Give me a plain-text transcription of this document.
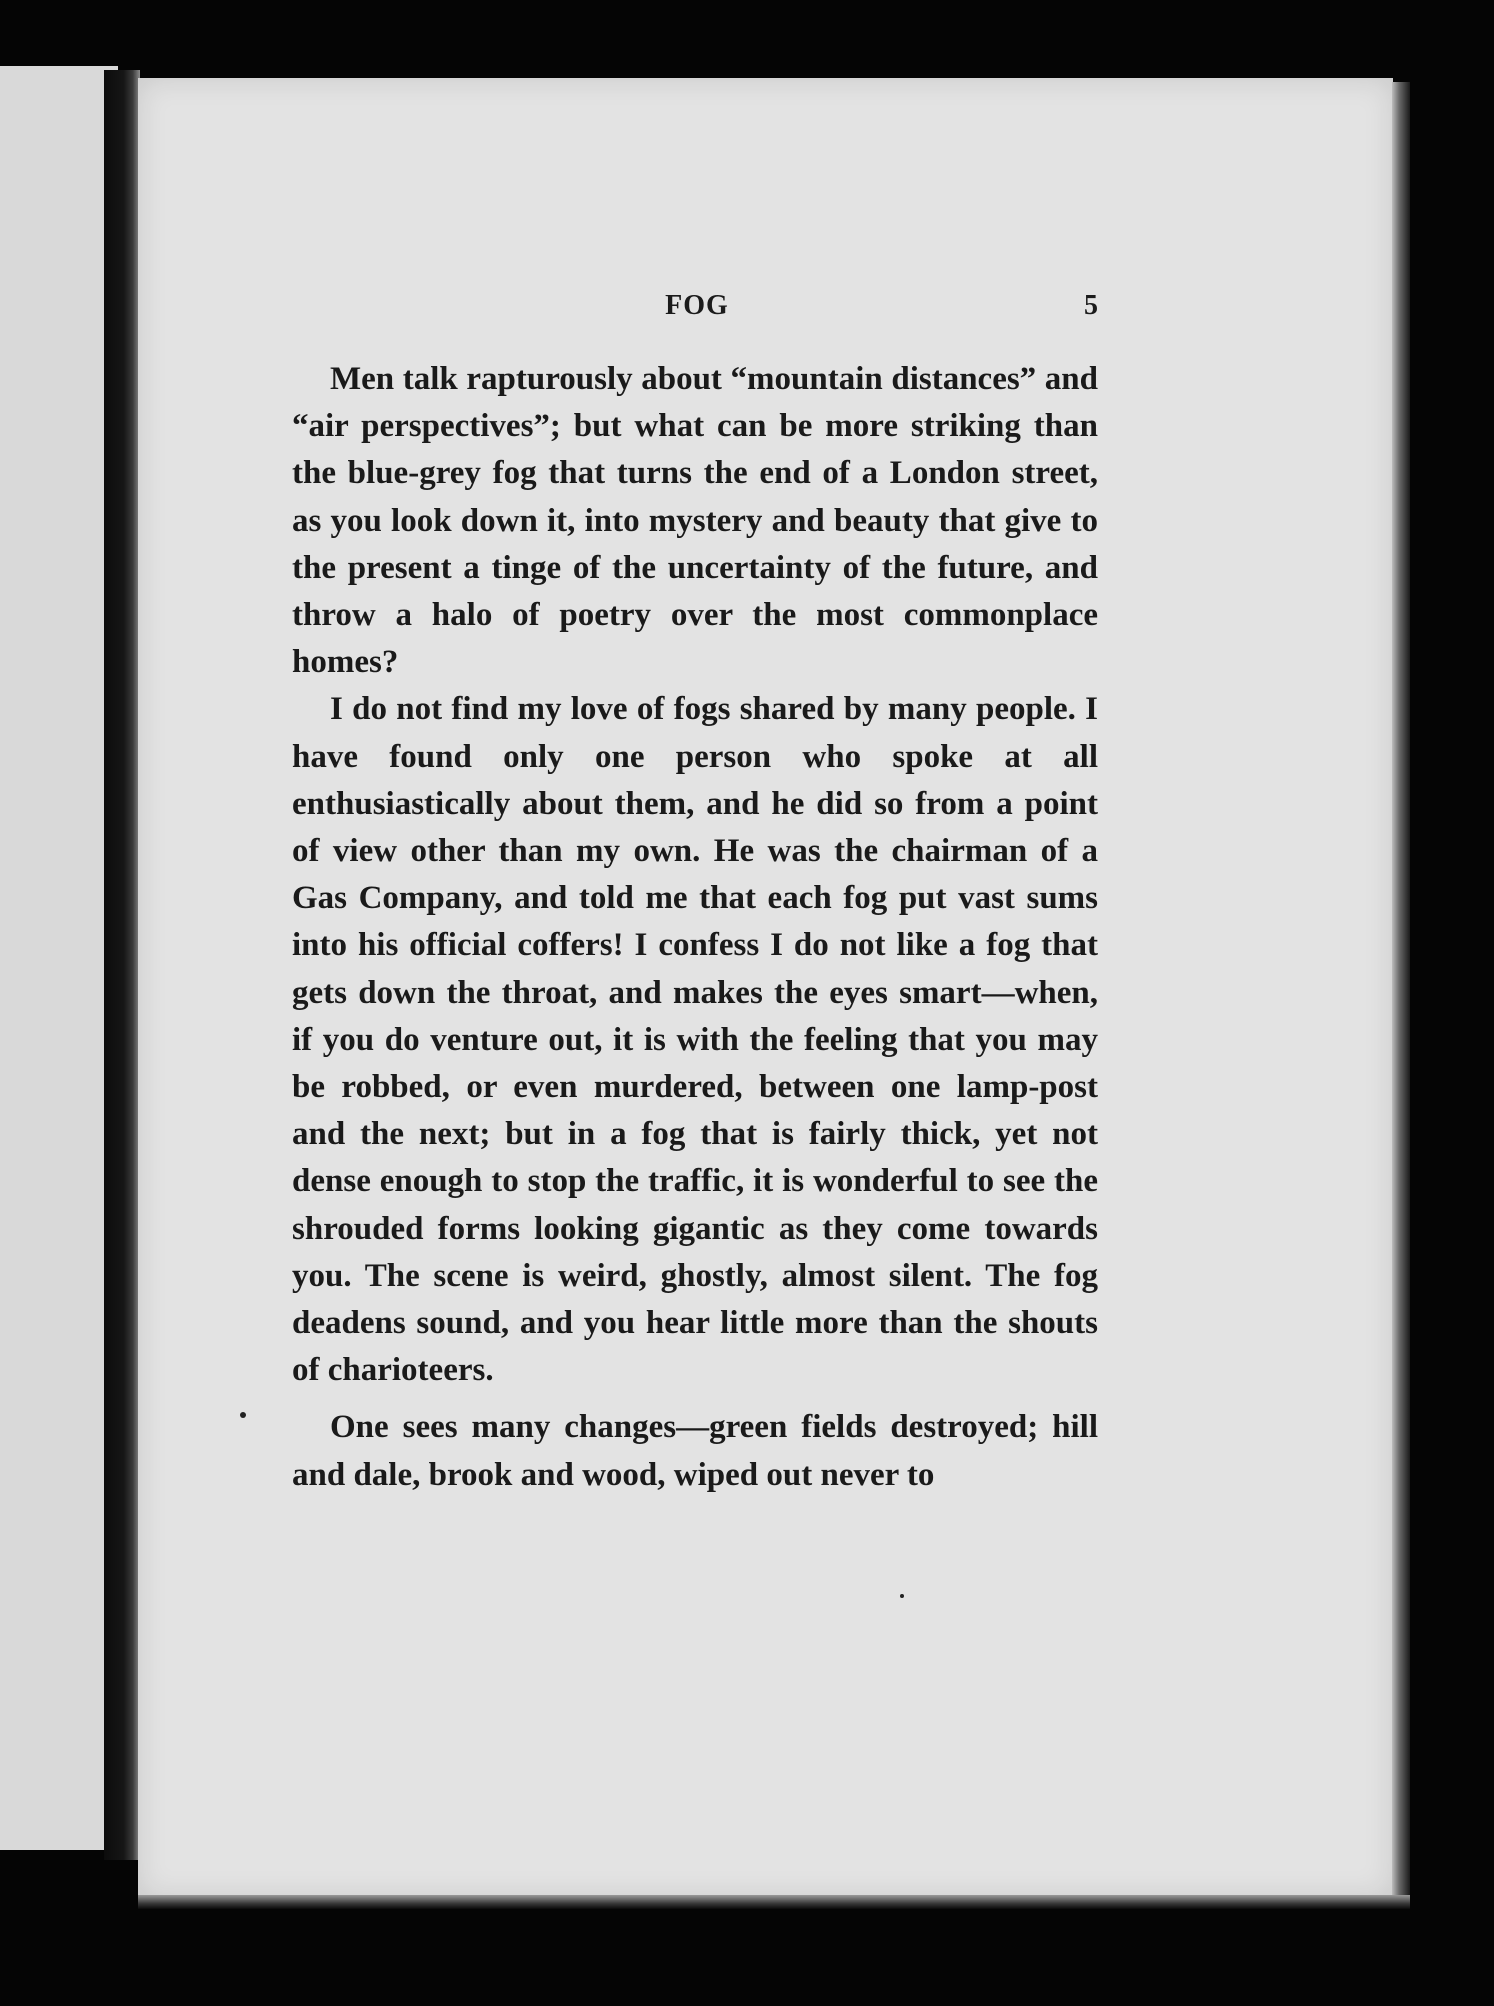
FOG	5

Men talk rapturously about “mountain distances” and “air perspectives”; but what can be more striking than the blue-grey fog that turns the end of a London street, as you look down it, into mystery and beauty that give to the present a tinge of the uncertainty of the future, and throw a halo of poetry over the most commonplace homes?

I do not find my love of fogs shared by many people. I have found only one person who spoke at all enthusiastically about them, and he did so from a point of view other than my own. He was the chairman of a Gas Company, and told me that each fog put vast sums into his official coffers! I confess I do not like a fog that gets down the throat, and makes the eyes smart—when, if you do venture out, it is with the feeling that you may be robbed, or even murdered, between one lamp-post and the next; but in a fog that is fairly thick, yet not dense enough to stop the traffic, it is wonderful to see the shrouded forms looking gigantic as they come towards you. The scene is weird, ghostly, almost silent. The fog deadens sound, and you hear little more than the shouts of charioteers.

One sees many changes—green fields destroyed; hill and dale, brook and wood, wiped out never to
